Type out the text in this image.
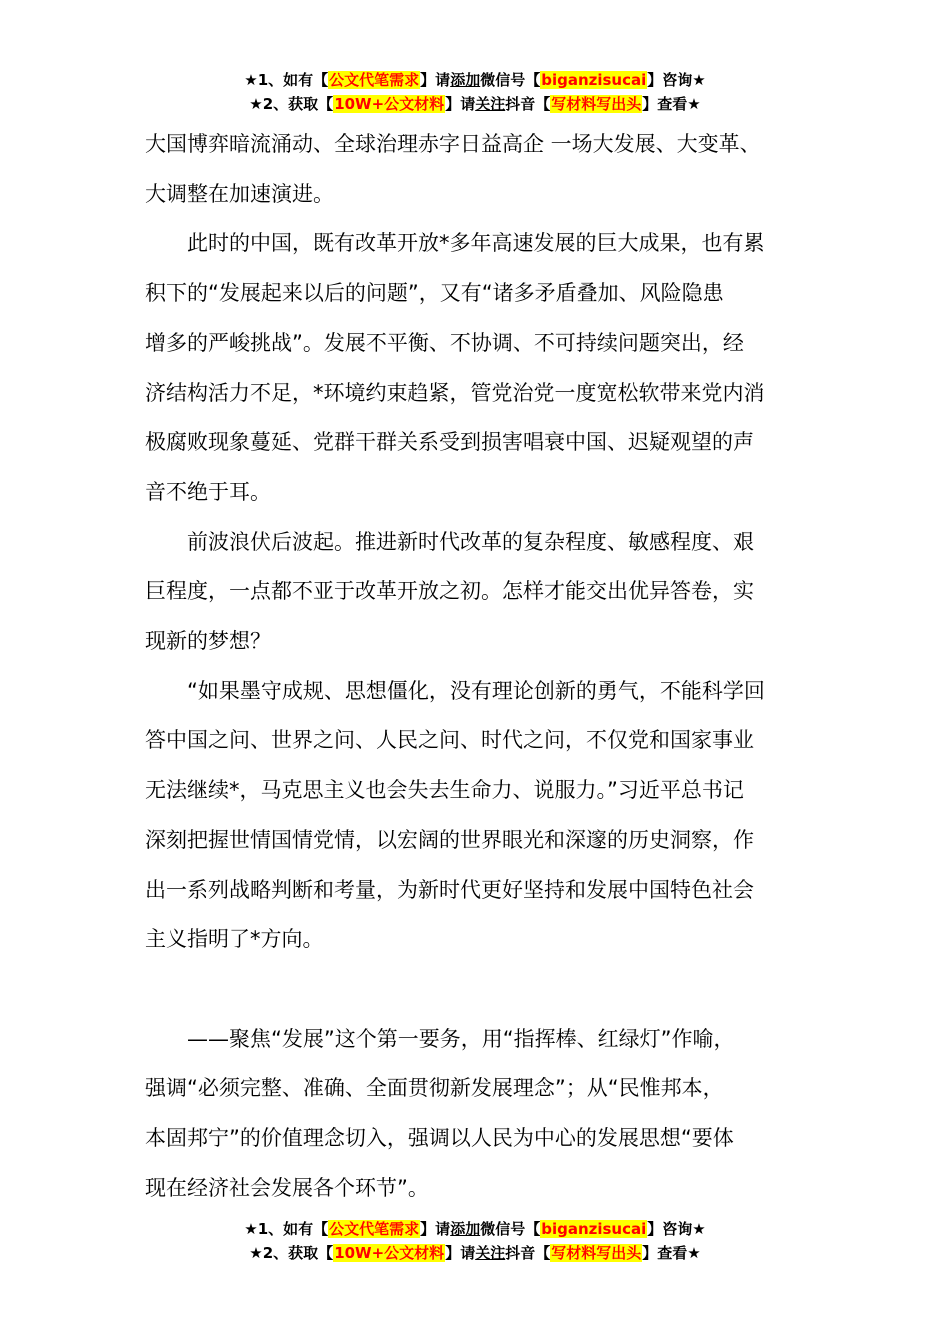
★1、如有【公文代笔需求】请添加微信号【biganzisucai】咨询★
★2、获取【10W+公文材料】请关注抖音【写材料写出头】查看★

大国博弈暗流涌动、全球治理赤字日益高企 一场大发展、大变革、

大调整在加速演进。

此时的中国，既有改革开放*多年高速发展的巨大成果，也有累

积下的“发展起来以后的问题”，又有“诸多矛盾叠加、风险隐患

增多的严峻挑战”。发展不平衡、不协调、不可持续问题突出，经

济结构活力不足，*环境约束趋紧，管党治党一度宽松软带来党内消

极腐败现象蔓延、党群干群关系受到损害唱衰中国、迟疑观望的声

音不绝于耳。

前波浪伏后波起。推进新时代改革的复杂程度、敏感程度、艰

巨程度，一点都不亚于改革开放之初。怎样才能交出优异答卷，实

现新的梦想？

“如果墨守成规、思想僵化，没有理论创新的勇气，不能科学回

答中国之问、世界之问、人民之问、时代之问，不仅党和国家事业

无法继续*，马克思主义也会失去生命力、说服力。”习近平总书记

深刻把握世情国情党情，以宏阔的世界眼光和深邃的历史洞察，作

出一系列战略判断和考量，为新时代更好坚持和发展中国特色社会

主义指明了*方向。

——聚焦“发展”这个第一要务，用“指挥棒、红绿灯”作喻，

强调“必须完整、准确、全面贯彻新发展理念”；从“民惟邦本，

本固邦宁”的价值理念切入，强调以人民为中心的发展思想“要体

现在经济社会发展各个环节”。

★1、如有【公文代笔需求】请添加微信号【biganzisucai】咨询★
★2、获取【10W+公文材料】请关注抖音【写材料写出头】查看★
